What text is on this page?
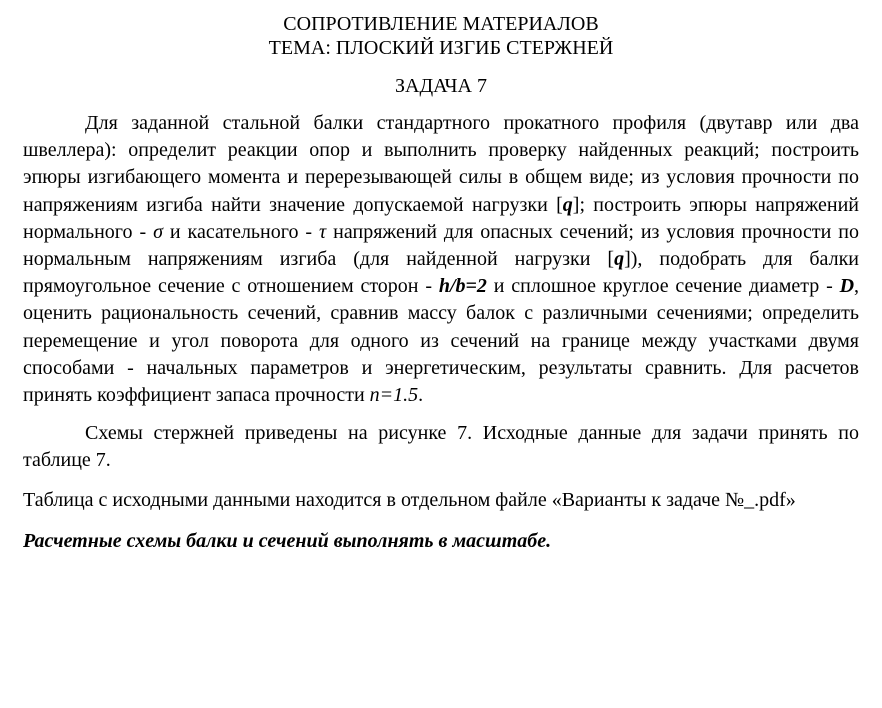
СОПРОТИВЛЕНИЕ МАТЕРИАЛОВ

ТЕМА: ПЛОСКИЙ ИЗГИБ СТЕРЖНЕЙ

ЗАДАЧА 7

Для заданной стальной балки стандартного прокатного профиля (двутавр или два швеллера): определит реакции опор и выполнить проверку найденных реакций; построить эпюры изгибающего момента и перерезывающей силы в общем виде; из условия прочности по напряжениям изгиба найти значение допускаемой нагрузки [q]; построить эпюры напряжений нормального - σ и касательного - τ напряжений для опасных сечений; из условия прочности по нормальным напряжениям изгиба (для найденной нагрузки [q]), подобрать для балки прямоугольное сечение с отношением сторон - h/b=2 и сплошное круглое сечение диаметр - D, оценить рациональность сечений, сравнив массу балок с различными сечениями; определить перемещение и угол поворота для одного из сечений на границе между участками двумя способами - начальных параметров и энергетическим, результаты сравнить. Для расчетов принять коэффициент запаса прочности n=1.5.

Схемы стержней приведены на рисунке 7. Исходные данные для задачи принять по таблице 7.

Таблица с исходными данными находится в отдельном файле «Варианты к задаче №_.pdf»

Расчетные схемы балки и сечений выполнять в масштабе.
